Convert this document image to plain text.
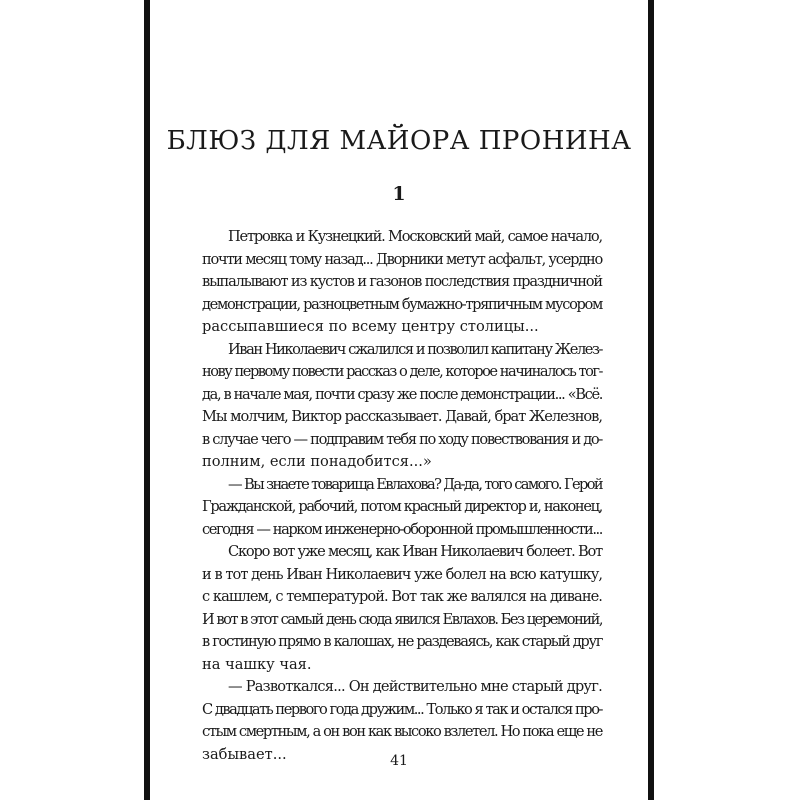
БЛЮЗ ДЛЯ МАЙОРА ПРОНИНА
1
Петровка и Кузнецкий. Московский май, самое начало,
почти месяц тому назад... Дворники метут асфальт, усердно
выпалывают из кустов и газонов последствия праздничной
демонстрации, разноцветным бумажно-тряпичным мусором
рассыпавшиеся по всему центру столицы...
Иван Николаевич сжалился и позволил капитану Желез-
нову первому повести рассказ о деле, которое начиналось тог-
да, в начале мая, почти сразу же после демонстрации... «Всё.
Мы молчим, Виктор рассказывает. Давай, брат Железнов,
в случае чего — подправим тебя по ходу повествования и до-
полним, если понадобится...»
— Вы знаете товарища Евлахова? Да-да, того самого. Герой
Гражданской, рабочий, потом красный директор и, наконец,
сегодня — нарком инженерно-оборонной промышленности...
Скоро вот уже месяц, как Иван Николаевич болеет. Вот
и в тот день Иван Николаевич уже болел на всю катушку,
с кашлем, с температурой. Вот так же валялся на диване.
И вот в этот самый день сюда явился Евлахов. Без церемоний,
в гостиную прямо в калошах, не раздеваясь, как старый друг
на чашку чая.
— Развоткался... Он действительно мне старый друг.
С двадцать первого года дружим... Только я так и остался про-
стым смертным, а он вон как высоко взлетел. Но пока еще не
забывает...	41
